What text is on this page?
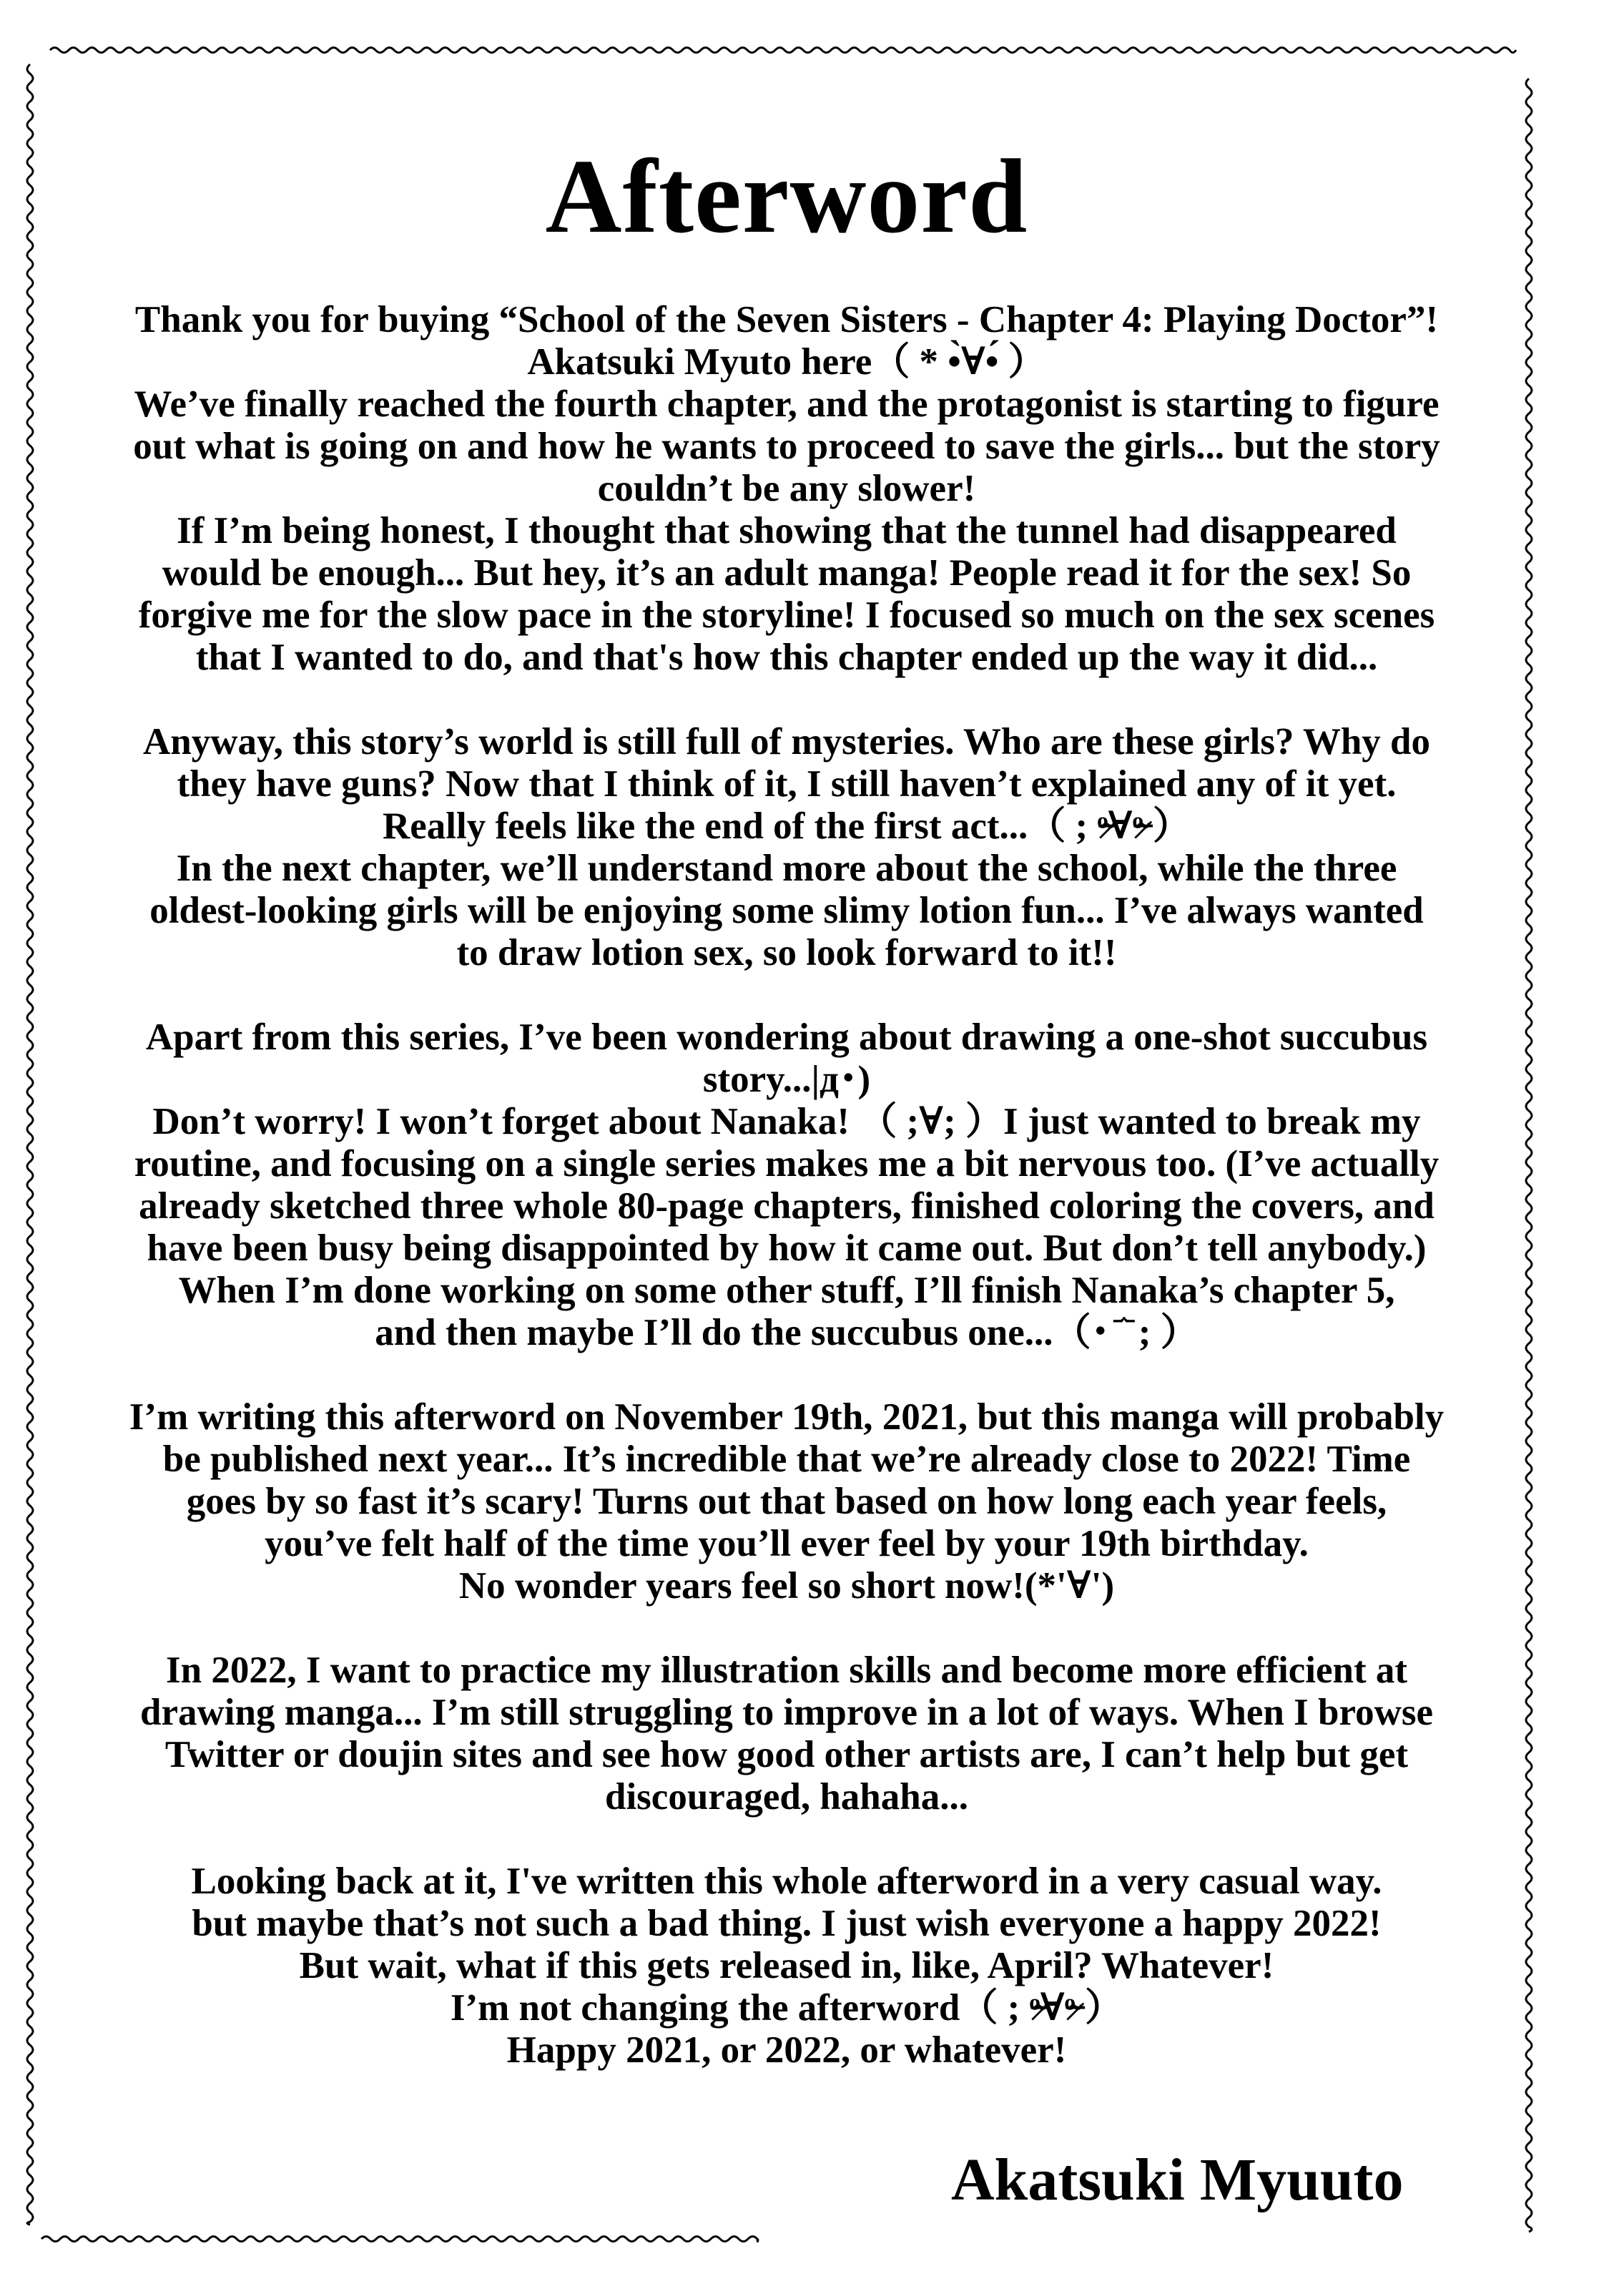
Afterword

Thank you for buying “School of the Seven Sisters - Chapter 4: Playing Doctor”!
Akatsuki Myuto here（ * •̀∀•́ ）
We’ve finally reached the fourth chapter, and the protagonist is starting to figure
out what is going on and how he wants to proceed to save the girls... but the story
couldn’t be any slower!
If I’m being honest, I thought that showing that the tunnel had disappeared
would be enough... But hey, it’s an adult manga! People read it for the sex! So
forgive me for the slow pace in the storyline! I focused so much on the sex scenes
that I wanted to do, and that's how this chapter ended up the way it did...

Anyway, this story’s world is still full of mysteries. Who are these girls? Why do
they have guns? Now that I think of it, I still haven’t explained any of it yet.
Really feels like the end of the first act...（ ; ᵒ̴̶̷∀ᵒ̴̶̷ ）
In the next chapter, we’ll understand more about the school, while the three
oldest-looking girls will be enjoying some slimy lotion fun... I’ve always wanted
to draw lotion sex, so look forward to it!!

Apart from this series, I’ve been wondering about drawing a one-shot succubus
story...|д･)
Don’t worry! I won’t forget about Nanaka! （ ;∀; ）I just wanted to break my
routine, and focusing on a single series makes me a bit nervous too. (I’ve actually
already sketched three whole 80-page chapters, finished coloring the covers, and
have been busy being disappointed by how it came out. But don’t tell anybody.)
When I’m done working on some other stuff, I’ll finish Nanaka’s chapter 5,
and then maybe I’ll do the succubus one...（･ ᷄ ᷅ ; ）

I’m writing this afterword on November 19th, 2021, but this manga will probably
be published next year... It’s incredible that we’re already close to 2022! Time
goes by so fast it’s scary! Turns out that based on how long each year feels,
you’ve felt half of the time you’ll ever feel by your 19th birthday.
No wonder years feel so short now!(*'∀')

In 2022, I want to practice my illustration skills and become more efficient at
drawing manga... I’m still struggling to improve in a lot of ways. When I browse
Twitter or doujin sites and see how good other artists are, I can’t help but get
discouraged, hahaha...

Looking back at it, I've written this whole afterword in a very casual way.
but maybe that’s not such a bad thing. I just wish everyone a happy 2022!
But wait, what if this gets released in, like, April? Whatever!
I’m not changing the afterword（ ; ᵒ̴̶̷∀ᵒ̴̶̷ ）
Happy 2021, or 2022, or whatever!

Akatsuki Myuuto
